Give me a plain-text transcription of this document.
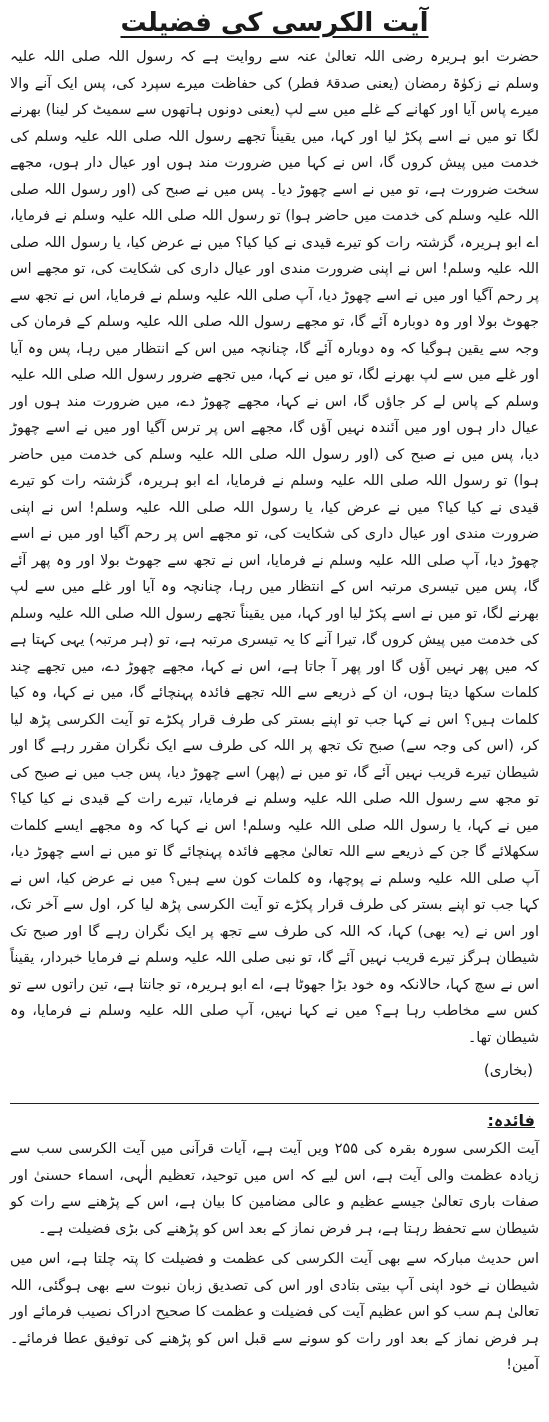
آیت الکرسی کی فضیلت

حضرت ابو ہریرہ رضی اللہ تعالیٰ عنہ سے روایت ہے کہ رسول اللہ صلی اللہ علیہ وسلم نے زکوٰۃ رمضان (یعنی صدقۂ فطر) کی حفاظت میرے سپرد کی، پس ایک آنے والا میرے پاس آیا اور کھانے کے غلے میں سے لپ (یعنی دونوں ہاتھوں سے سمیٹ کر لینا) بھرنے لگا تو میں نے اسے پکڑ لیا اور کہا، میں یقیناً تجھے رسول اللہ صلی اللہ علیہ وسلم کی خدمت میں پیش کروں گا، اس نے کہا میں ضرورت مند ہوں اور عیال دار ہوں، مجھے سخت ضرورت ہے، تو میں نے اسے چھوڑ دیا۔ پس میں نے صبح کی (اور رسول اللہ صلی اللہ علیہ وسلم کی خدمت میں حاضر ہوا) تو رسول اللہ صلی اللہ علیہ وسلم نے فرمایا، اے ابو ہریرہ، گزشتہ رات کو تیرے قیدی نے کیا کیا؟ میں نے عرض کیا، یا رسول اللہ صلی اللہ علیہ وسلم! اس نے اپنی ضرورت مندی اور عیال داری کی شکایت کی، تو مجھے اس پر رحم آگیا اور میں نے اسے چھوڑ دیا، آپ صلی اللہ علیہ وسلم نے فرمایا، اس نے تجھ سے جھوٹ بولا اور وہ دوبارہ آئے گا، تو مجھے رسول اللہ صلی اللہ علیہ وسلم کے فرمان کی وجہ سے یقین ہوگیا کہ وہ دوبارہ آئے گا، چنانچہ میں اس کے انتظار میں رہا، پس وہ آیا اور غلے میں سے لپ بھرنے لگا، تو میں نے کہا، میں تجھے ضرور رسول اللہ صلی اللہ علیہ وسلم کے پاس لے کر جاؤں گا، اس نے کہا، مجھے چھوڑ دے، میں ضرورت مند ہوں اور عیال دار ہوں اور میں آئندہ نہیں آؤں گا، مجھے اس پر ترس آگیا اور میں نے اسے چھوڑ دیا، پس میں نے صبح کی (اور رسول اللہ صلی اللہ علیہ وسلم کی خدمت میں حاضر ہوا) تو رسول اللہ صلی اللہ علیہ وسلم نے فرمایا، اے ابو ہریرہ، گزشتہ رات کو تیرے قیدی نے کیا کیا؟ میں نے عرض کیا، یا رسول اللہ صلی اللہ علیہ وسلم! اس نے اپنی ضرورت مندی اور عیال داری کی شکایت کی، تو مجھے اس پر رحم آگیا اور میں نے اسے چھوڑ دیا، آپ صلی اللہ علیہ وسلم نے فرمایا، اس نے تجھ سے جھوٹ بولا اور وہ پھر آئے گا، پس میں تیسری مرتبہ اس کے انتظار میں رہا، چنانچہ وہ آیا اور غلے میں سے لپ بھرنے لگا، تو میں نے اسے پکڑ لیا اور کہا، میں یقیناً تجھے رسول اللہ صلی اللہ علیہ وسلم کی خدمت میں پیش کروں گا، تیرا آنے کا یہ تیسری مرتبہ ہے، تو (ہر مرتبہ) یہی کہتا ہے کہ میں پھر نہیں آؤں گا اور پھر آ جاتا ہے، اس نے کہا، مجھے چھوڑ دے، میں تجھے چند کلمات سکھا دیتا ہوں، ان کے ذریعے سے اللہ تجھے فائدہ پہنچائے گا، میں نے کہا، وہ کیا کلمات ہیں؟ اس نے کہا جب تو اپنے بستر کی طرف قرار پکڑے تو آیت الکرسی پڑھ لیا کر، (اس کی وجہ سے) صبح تک تجھ پر اللہ کی طرف سے ایک نگران مقرر رہے گا اور شیطان تیرے قریب نہیں آئے گا، تو میں نے (پھر) اسے چھوڑ دیا، پس جب میں نے صبح کی تو مجھ سے رسول اللہ صلی اللہ علیہ وسلم نے فرمایا، تیرے رات کے قیدی نے کیا کیا؟ میں نے کہا، یا رسول اللہ صلی اللہ علیہ وسلم! اس نے کہا کہ وہ مجھے ایسے کلمات سکھلائے گا جن کے ذریعے سے اللہ تعالیٰ مجھے فائدہ پہنچائے گا تو میں نے اسے چھوڑ دیا، آپ صلی اللہ علیہ وسلم نے پوچھا، وہ کلمات کون سے ہیں؟ میں نے عرض کیا، اس نے کہا جب تو اپنے بستر کی طرف قرار پکڑے تو آیت الکرسی پڑھ لیا کر، اول سے آخر تک، اور اس نے (یہ بھی) کہا، کہ اللہ کی طرف سے تجھ پر ایک نگران رہے گا اور صبح تک شیطان ہرگز تیرے قریب نہیں آئے گا، تو نبی صلی اللہ علیہ وسلم نے فرمایا خبردار، یقیناً اس نے سچ کہا، حالانکہ وہ خود بڑا جھوٹا ہے، اے ابو ہریرہ، تو جانتا ہے، تین راتوں سے تو کس سے مخاطب رہا ہے؟ میں نے کہا نہیں، آپ صلی اللہ علیہ وسلم نے فرمایا، وہ شیطان تھا۔

(بخاری)
فائدہ:

آیت الکرسی سورہ بقرہ کی ۲۵۵ ویں آیت ہے، آیات قرآنی میں آیت الکرسی سب سے زیادہ عظمت والی آیت ہے، اس لیے کہ اس میں توحید، تعظیم الٰہی، اسماء حسنیٰ اور صفات باری تعالیٰ جیسے عظیم و عالی مضامین کا بیان ہے، اس کے پڑھنے سے رات کو شیطان سے تحفظ رہتا ہے، ہر فرض نماز کے بعد اس کو پڑھنے کی بڑی فضیلت ہے۔

اس حدیث مبارکہ سے بھی آیت الکرسی کی عظمت و فضیلت کا پتہ چلتا ہے، اس میں شیطان نے خود اپنی آپ بیتی بتادی اور اس کی تصدیق زبان نبوت سے بھی ہوگئی، اللہ تعالیٰ ہم سب کو اس عظیم آیت کی فضیلت و عظمت کا صحیح ادراک نصیب فرمائے اور ہر فرض نماز کے بعد اور رات کو سونے سے قبل اس کو پڑھنے کی توفیق عطا فرمائے۔ آمین!
